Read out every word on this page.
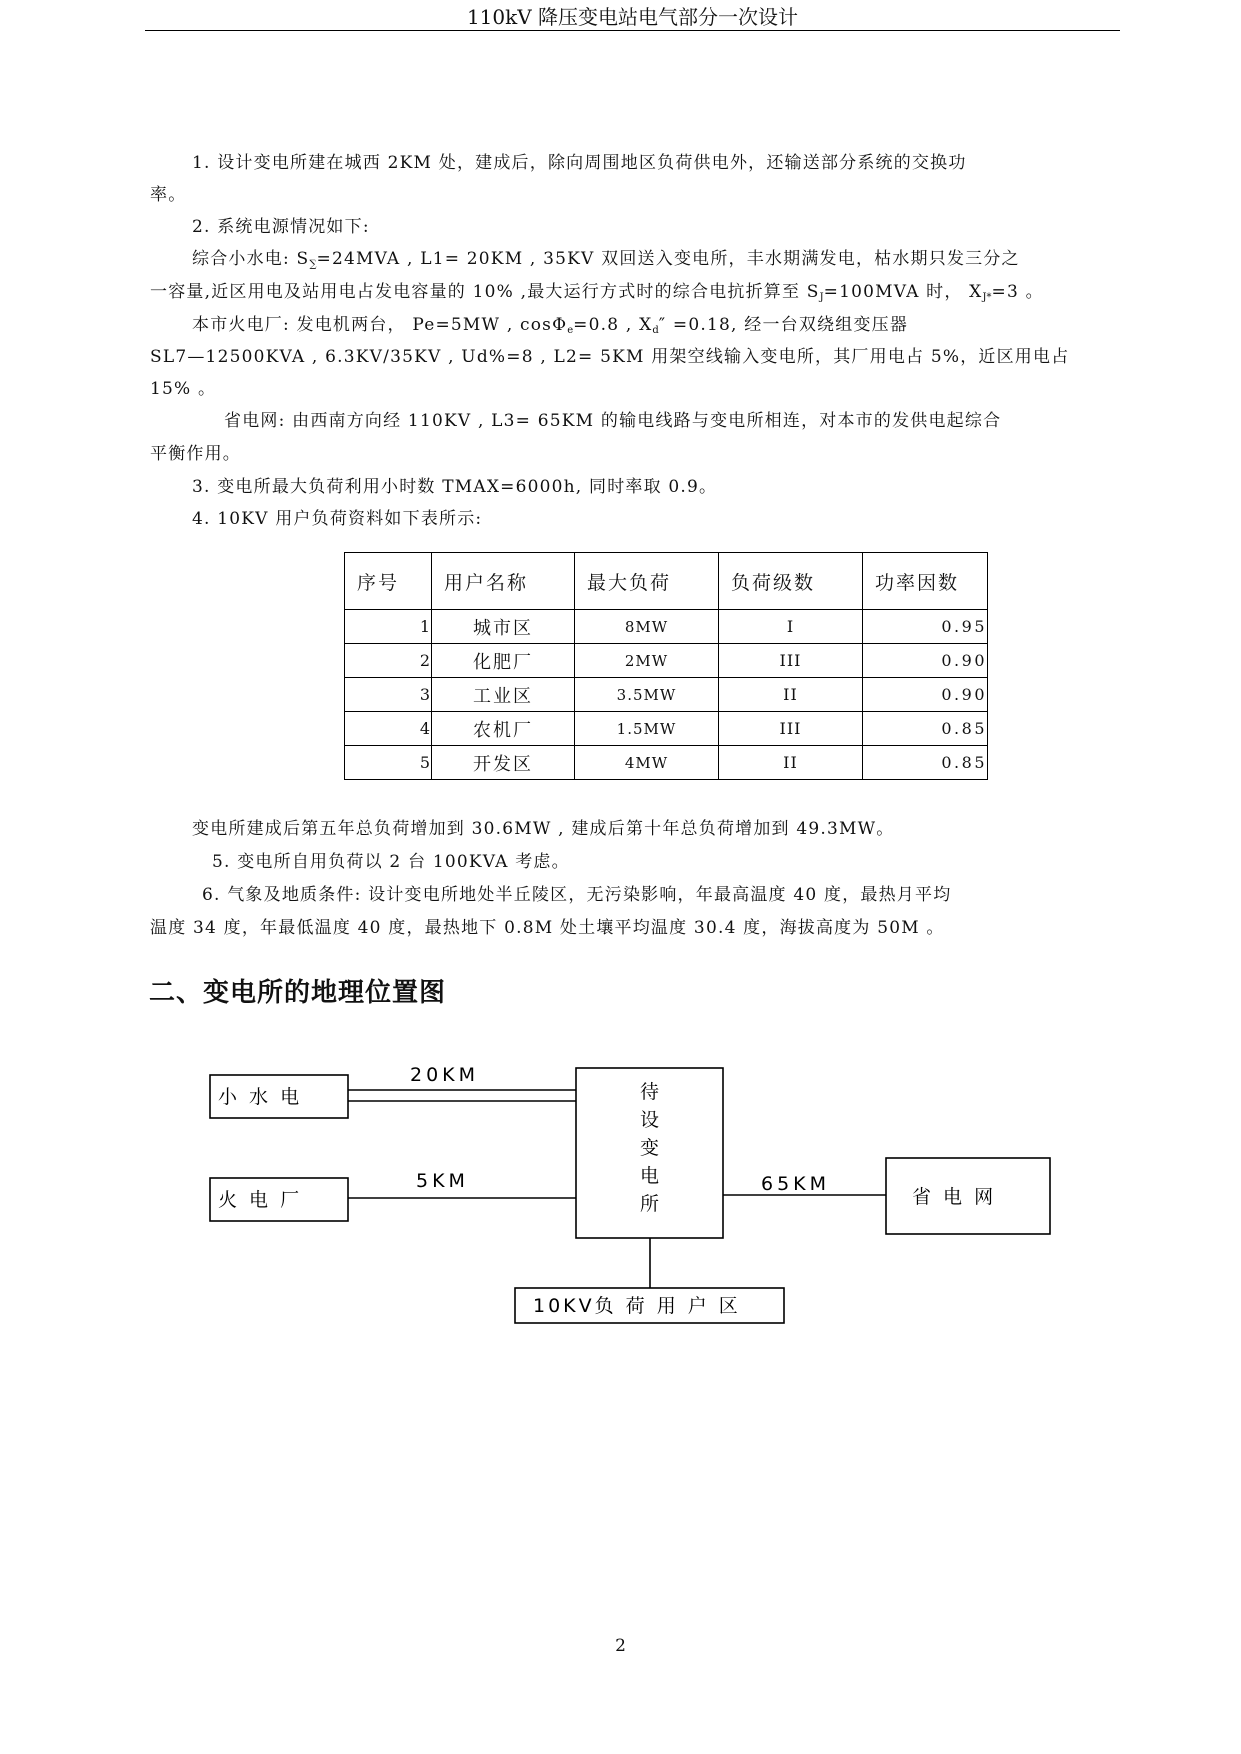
110kV 降压变电站电气部分一次设计
1. 设计变电所建在城西 2KM 处，建成后，除向周围地区负荷供电外，还输送部分系统的交换功
率。
2. 系统电源情况如下:
综合小水电: $S_\sum=24MVA$ , L1= 20KM , 35KV 双回送入变电所，丰水期满发电，枯水期只发三分之
一容量,近区用电及站用电占发电容量的 10% ,最大运行方式时的综合电抗折算至 $S_J=100MVA$ 时， $X_{J*}=3$ 。
本市火电厂: 发电机两台， Pe=5MW , cosΦ$_e$=0.8 , $X_d'' =0.18$, 经一台双绕组变压器
SL7—12500KVA , 6.3KV/35KV , Ud%=8 , L2= 5KM 用架空线输入变电所，其厂用电占 5%，近区用电占
15% 。
省电网: 由西南方向经 110KV , L3= 65KM 的输电线路与变电所相连，对本市的发供电起综合
平衡作用。
3. 变电所最大负荷利用小时数 TMAX=6000h, 同时率取 0.9。
4. 10KV 用户负荷资料如下表所示:
序号	用户名称	最大负荷	负荷级数	功率因数
1	城市区	8MW	I	0.95
2	化肥厂	2MW	III	0.90
3	工业区	3.5MW	II	0.90
4	农机厂	1.5MW	III	0.85
5	开发区	4MW	II	0.85
变电所建成后第五年总负荷增加到 30.6MW , 建成后第十年总负荷增加到 49.3MW。
5. 变电所自用负荷以 2 台 100KVA 考虑。
6. 气象及地质条件: 设计变电所地处半丘陵区，无污染影响，年最高温度 40 度，最热月平均
温度 34 度，年最低温度 40 度，最热地下 0.8M 处土壤平均温度 30.4 度，海拔高度为 50M 。
二、变电所的地理位置图
小 水 电
火 电 厂	省 电 网
20KM
5KM	65KM
待
设
变
电
所
10KV负 荷 用 户 区
2
